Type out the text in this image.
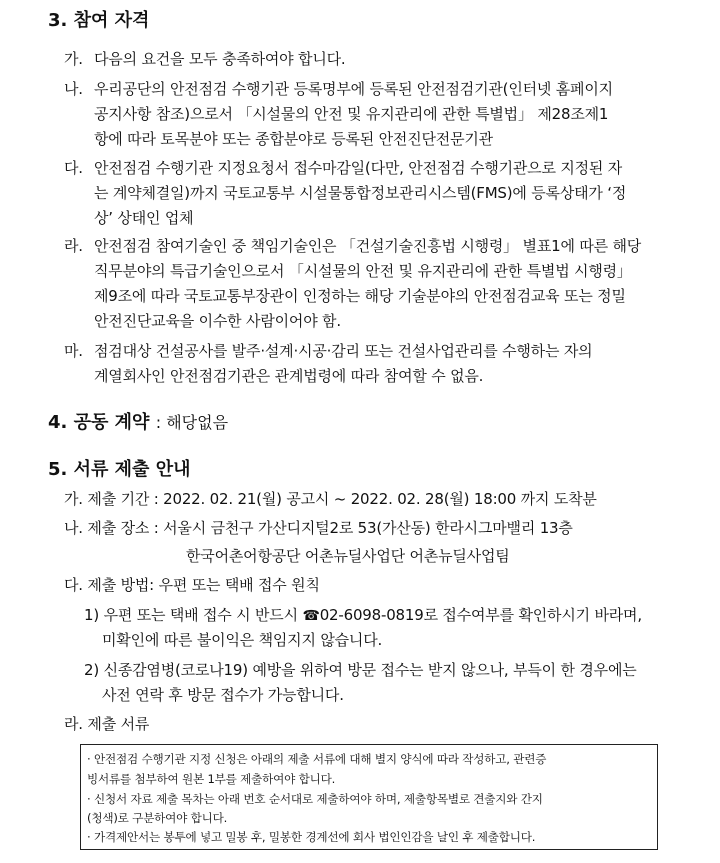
3. 참여 자격
가. 다음의 요건을 모두 충족하여야 합니다.
나. 우리공단의 안전점검 수행기관 등록명부에 등록된 안전점검기관(인터넷 홈페이지
공지사항 참조)으로서 「시설물의 안전 및 유지관리에 관한 특별법」 제28조제1
항에 따라 토목분야 또는 종합분야로 등록된 안전진단전문기관
다. 안전점검 수행기관 지정요청서 접수마감일(다만, 안전점검 수행기관으로 지정된 자
는 계약체결일)까지 국토교통부 시설물통합정보관리시스템(FMS)에 등록상태가 ‘정
상’ 상태인 업체
라. 안전점검 참여기술인 중 책임기술인은 「건설기술진흥법 시행령」 별표1에 따른 해당
직무분야의 특급기술인으로서 「시설물의 안전 및 유지관리에 관한 특별법 시행령」
제9조에 따라 국토교통부장관이 인정하는 해당 기술분야의 안전점검교육 또는 정밀
안전진단교육을 이수한 사람이어야 함.
마. 점검대상 건설공사를 발주‧설계‧시공‧감리 또는 건설사업관리를 수행하는 자의
계열회사인 안전점검기관은 관계법령에 따라 참여할 수 없음.
4. 공동 계약 : 해당없음
5. 서류 제출 안내
가. 제출 기간 : 2022. 02. 21(월) 공고시 ~ 2022. 02. 28(월) 18:00 까지 도착분
나. 제출 장소 : 서울시 금천구 가산디지털2로 53(가산동) 한라시그마밸리 13층
한국어촌어항공단 어촌뉴딜사업단 어촌뉴딜사업팀
다. 제출 방법: 우편 또는 택배 접수 원칙
1) 우편 또는 택배 접수 시 반드시 ☎02-6098-0819로 접수여부를 확인하시기 바라며,
미확인에 따른 불이익은 책임지지 않습니다.
2) 신종감염병(코로나19) 예방을 위하여 방문 접수는 받지 않으나, 부득이 한 경우에는
사전 연락 후 방문 접수가 가능합니다.
라. 제출 서류
· 안전점검 수행기관 지정 신청은 아래의 제출 서류에 대해 별지 양식에 따라 작성하고, 관련증
빙서류를 첨부하여 원본 1부를 제출하여야 합니다.
· 신청서 자료 제출 목차는 아래 번호 순서대로 제출하여야 하며, 제출항목별로 견출지와 간지
(청색)로 구분하여야 합니다.
· 가격제안서는 봉투에 넣고 밀봉 후, 밀봉한 경계선에 회사 법인인감을 날인 후 제출합니다.
